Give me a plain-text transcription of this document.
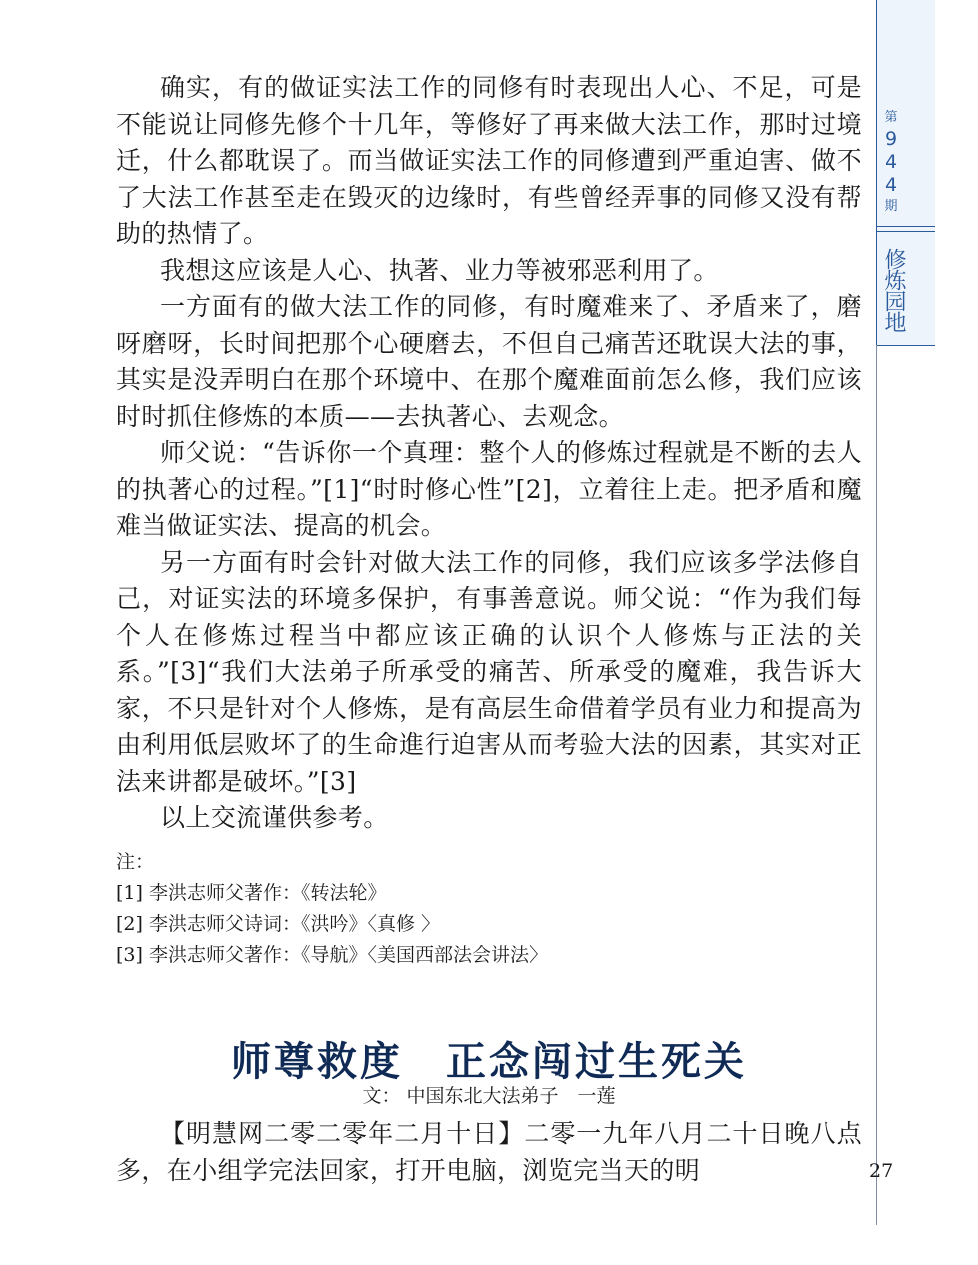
第
9
4
4
期
修炼园地
27

确实，有的做证实法工作的同修有时表现出人心、不足，可是不能说让同修先修个十几年，等修好了再来做大法工作，那时过境迁，什么都耽误了。而当做证实法工作的同修遭到严重迫害、做不了大法工作甚至走在毁灭的边缘时，有些曾经弄事的同修又没有帮助的热情了。

我想这应该是人心、执著、业力等被邪恶利用了。

一方面有的做大法工作的同修，有时魔难来了、矛盾来了，磨呀磨呀，长时间把那个心硬磨去，不但自己痛苦还耽误大法的事，其实是没弄明白在那个环境中、在那个魔难面前怎么修，我们应该时时抓住修炼的本质——去执著心、去观念。

师父说：“告诉你一个真理：整个人的修炼过程就是不断的去人的执著心的过程。”[1]“时时修心性”[2]，立着往上走。把矛盾和魔难当做证实法、提高的机会。

另一方面有时会针对做大法工作的同修，我们应该多学法修自己，对证实法的环境多保护，有事善意说。师父说：“作为我们每个人在修炼过程当中都应该正确的认识个人修炼与正法的关系。”[3]“我们大法弟子所承受的痛苦、所承受的魔难，我告诉大家，不只是针对个人修炼，是有高层生命借着学员有业力和提高为由利用低层败坏了的生命進行迫害从而考验大法的因素，其实对正法来讲都是破坏。”[3]

以上交流谨供参考。

注：
[1] 李洪志师父著作：《转法轮》
[2] 李洪志师父诗词：《洪吟》〈真修 〉
[3] 李洪志师父著作：《导航》〈美国西部法会讲法〉
师尊救度　正念闯过生死关
文： 中国东北大法弟子　一莲

【明慧网二零二零年二月十日】二零一九年八月二十日晚八点多，在小组学完法回家，打开电脑，浏览完当天的明
